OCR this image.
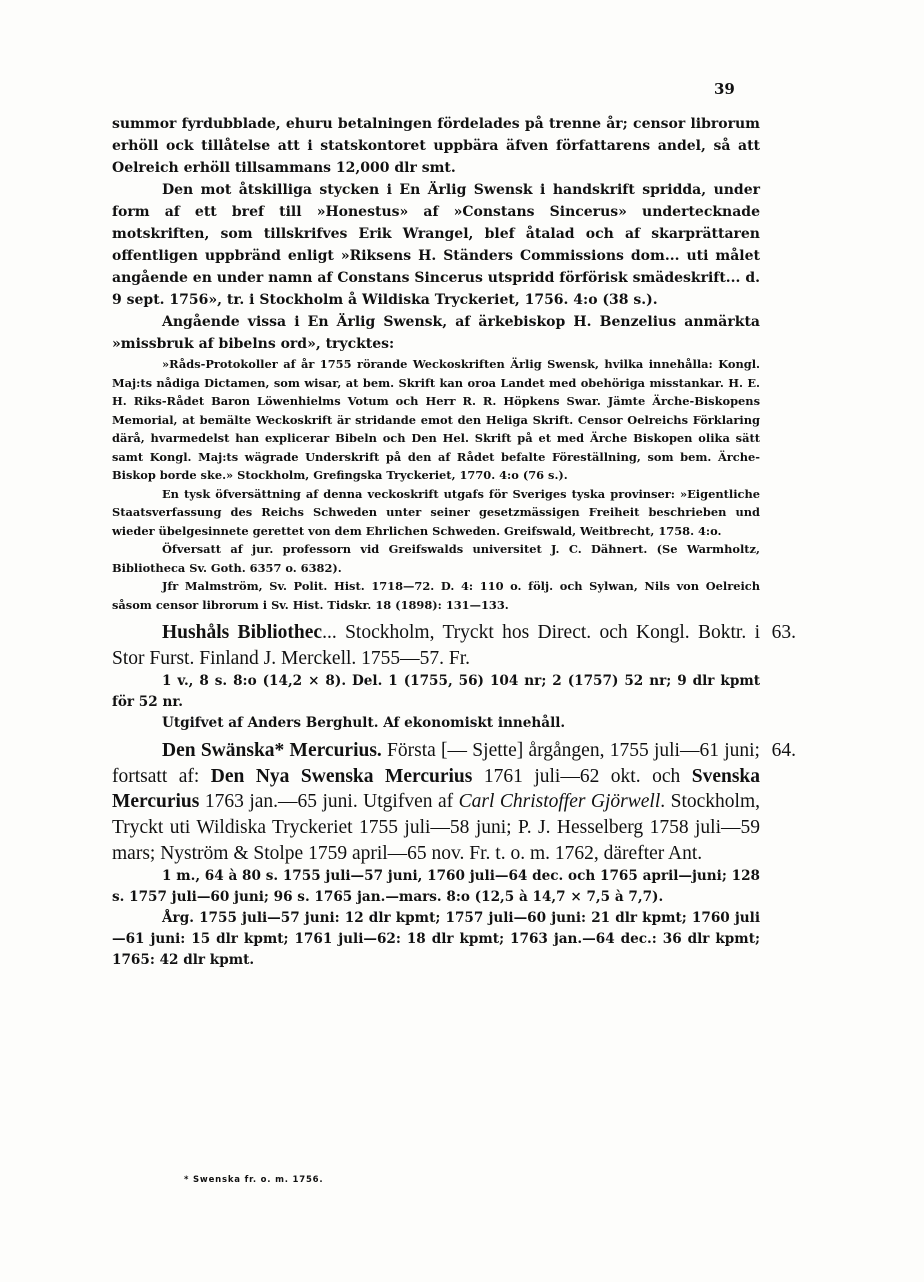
39

summor fyrdubblade, ehuru betalningen fördelades på trenne år; censor librorum erhöll ock tillåtelse att i statskontoret uppbära äfven författarens andel, så att Oelreich erhöll tillsammans 12,000 dlr smt.

Den mot åtskilliga stycken i En Ärlig Swensk i handskrift spridda, under form af ett bref till »Honestus» af »Constans Sincerus» undertecknade motskriften, som tillskrifves Erik Wrangel, blef åtalad och af skarprättaren offentligen uppbränd enligt »Riksens H. Ständers Commissions dom... uti målet angående en under namn af Constans Sincerus utspridd förförisk smädeskrift... d. 9 sept. 1756», tr. i Stockholm å Wildiska Tryckeriet, 1756. 4:o (38 s.).

Angående vissa i En Ärlig Swensk, af ärkebiskop H. Benzelius anmärkta »missbruk af bibelns ord», trycktes:

»Råds-Protokoller af år 1755 rörande Weckoskriften Ärlig Swensk, hvilka innehålla: Kongl. Maj:ts nådiga Dictamen, som wisar, at bem. Skrift kan oroa Landet med obehöriga misstankar. H. E. H. Riks-Rådet Baron Löwenhielms Votum och Herr R. R. Höpkens Swar. Jämte Ärche-Biskopens Memorial, at bemälte Weckoskrift är stridande emot den Heliga Skrift. Censor Oelreichs Förklaring därå, hvarmedelst han explicerar Bibeln och Den Hel. Skrift på et med Ärche Biskopen olika sätt samt Kongl. Maj:ts wägrade Underskrift på den af Rådet befalte Föreställning, som bem. Ärche-Biskop borde ske.» Stockholm, Grefingska Tryckeriet, 1770. 4:o (76 s.).

En tysk öfversättning af denna veckoskrift utgafs för Sveriges tyska provinser: »Eigentliche Staatsverfassung des Reichs Schweden unter seiner gesetzmässigen Freiheit beschrieben und wieder übelgesinnete gerettet von dem Ehrlichen Schweden. Greifswald, Weitbrecht, 1758. 4:o.

Öfversatt af jur. professorn vid Greifswalds universitet J. C. Dähnert. (Se Warmholtz, Bibliotheca Sv. Goth. 6357 o. 6382).

Jfr Malmström, Sv. Polit. Hist. 1718—72. D. 4: 110 o. följ. och Sylwan, Nils von Oelreich såsom censor librorum i Sv. Hist. Tidskr. 18 (1898): 131—133.

63.

Hushåls Bibliothec... Stockholm, Tryckt hos Direct. och Kongl. Boktr. i Stor Furst. Finland J. Merckell. 1755—57. Fr.

1 v., 8 s. 8:o (14,2 × 8). Del. 1 (1755, 56) 104 nr; 2 (1757) 52 nr; 9 dlr kpmt för 52 nr.

Utgifvet af Anders Berghult. Af ekonomiskt innehåll.

64.

Den Swänska* Mercurius. Första [— Sjette] årgången, 1755 juli—61 juni; fortsatt af: Den Nya Swenska Mercurius 1761 juli—62 okt. och Svenska Mercurius 1763 jan.—65 juni. Utgifven af Carl Christoffer Gjörwell. Stockholm, Tryckt uti Wildiska Tryckeriet 1755 juli—58 juni; P. J. Hesselberg 1758 juli—59 mars; Nyström & Stolpe 1759 april—65 nov. Fr. t. o. m. 1762, därefter Ant.

1 m., 64 à 80 s. 1755 juli—57 juni, 1760 juli—64 dec. och 1765 april—juni; 128 s. 1757 juli—60 juni; 96 s. 1765 jan.—mars. 8:o (12,5 à 14,7 × 7,5 à 7,7).

Årg. 1755 juli—57 juni: 12 dlr kpmt; 1757 juli—60 juni: 21 dlr kpmt; 1760 juli—61 juni: 15 dlr kpmt; 1761 juli—62: 18 dlr kpmt; 1763 jan.—64 dec.: 36 dlr kpmt; 1765: 42 dlr kpmt.

* Swenska fr. o. m. 1756.
